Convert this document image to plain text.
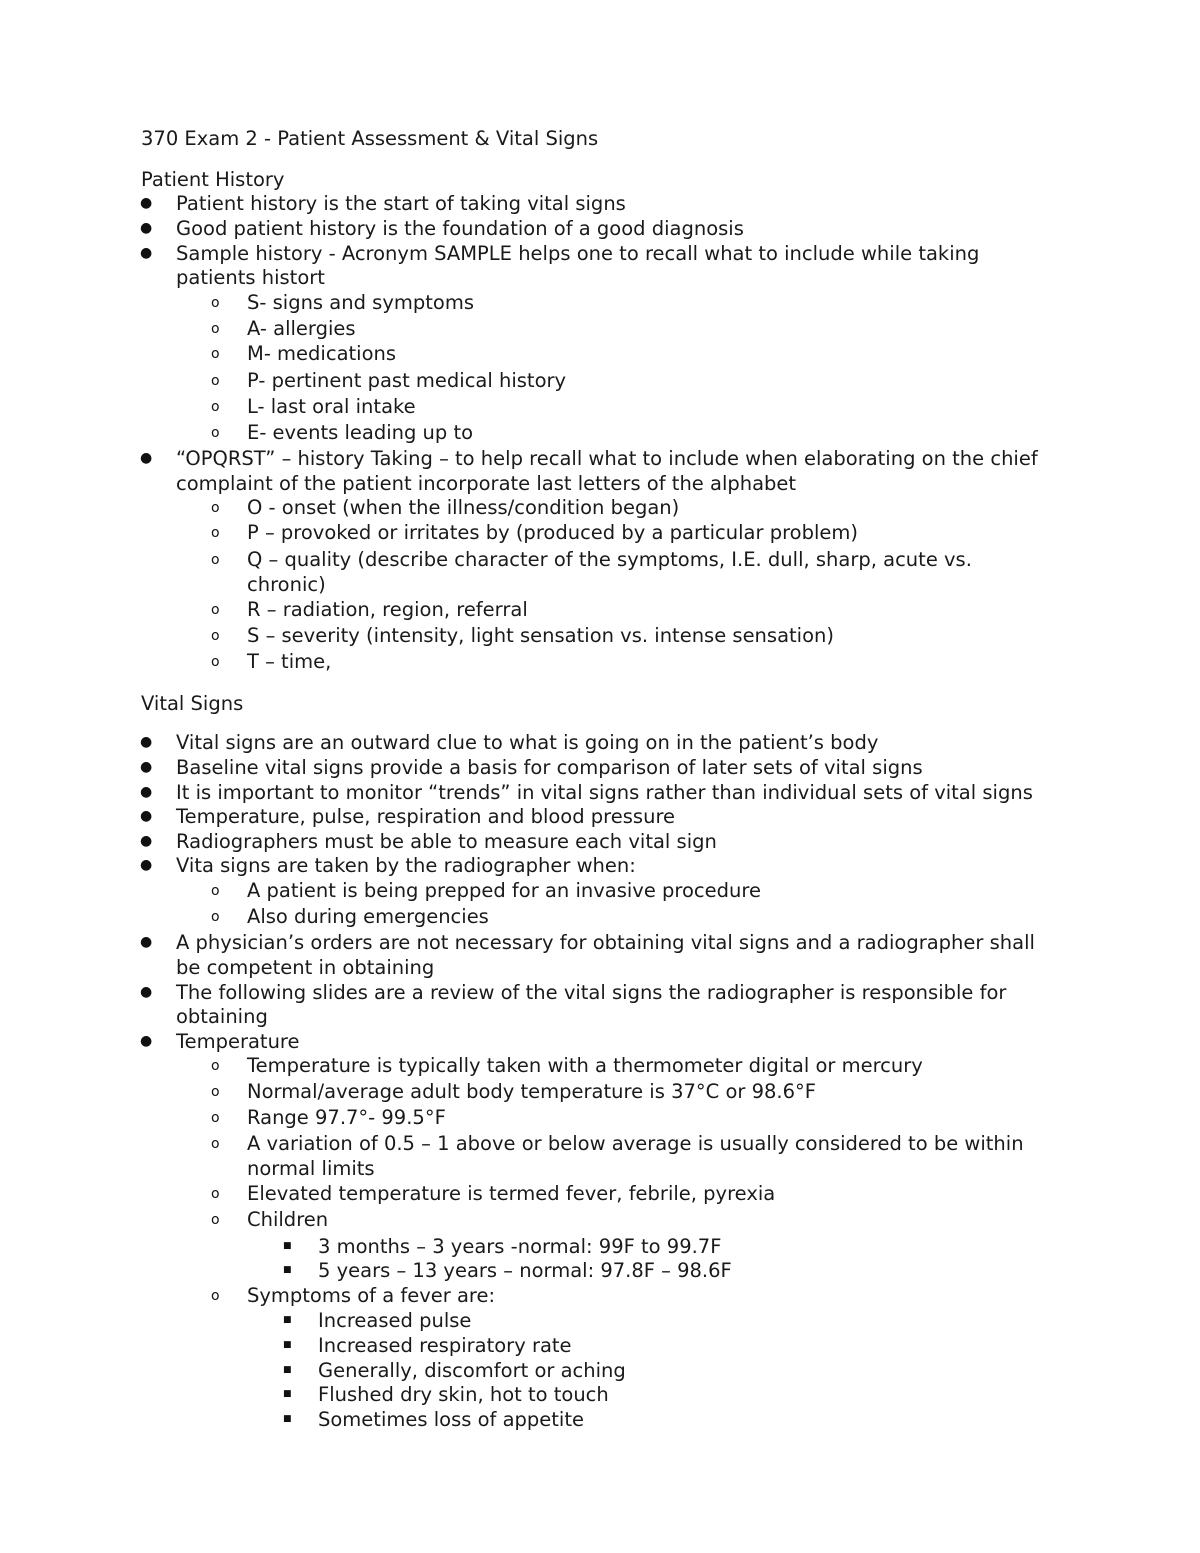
370 Exam 2 - Patient Assessment & Vital Signs
Patient History
●
Patient history is the start of taking vital signs
●
Good patient history is the foundation of a good diagnosis
●
Sample history - Acronym SAMPLE helps one to recall what to include while taking
patients histort
o
S- signs and symptoms
o
A- allergies
o
M- medications
o
P- pertinent past medical history
o
L- last oral intake
o
E- events leading up to
●
“OPQRST” – history Taking – to help recall what to include when elaborating on the chief
complaint of the patient incorporate last letters of the alphabet
o
O - onset (when the illness/condition began)
o
P – provoked or irritates by (produced by a particular problem)
o
Q – quality (describe character of the symptoms, I.E. dull, sharp, acute vs.
chronic)
o
R – radiation, region, referral
o
S – severity (intensity, light sensation vs. intense sensation)
o
T – time,
Vital Signs
●
Vital signs are an outward clue to what is going on in the patient’s body
●
Baseline vital signs provide a basis for comparison of later sets of vital signs
●
It is important to monitor “trends” in vital signs rather than individual sets of vital signs
●
Temperature, pulse, respiration and blood pressure
●
Radiographers must be able to measure each vital sign
●
Vita signs are taken by the radiographer when:
o
A patient is being prepped for an invasive procedure
o
Also during emergencies
●
A physician’s orders are not necessary for obtaining vital signs and a radiographer shall
be competent in obtaining
●
The following slides are a review of the vital signs the radiographer is responsible for
obtaining
●
Temperature
o
Temperature is typically taken with a thermometer digital or mercury
o
Normal/average adult body temperature is 37°C or 98.6°F
o
Range 97.7°- 99.5°F
o
A variation of 0.5 – 1 above or below average is usually considered to be within
normal limits
o
Elevated temperature is termed fever, febrile, pyrexia
o
Children
■
3 months – 3 years -normal: 99F to 99.7F
■
5 years – 13 years – normal: 97.8F – 98.6F
o
Symptoms of a fever are:
■
Increased pulse
■
Increased respiratory rate
■
Generally, discomfort or aching
■
Flushed dry skin, hot to touch
■
Sometimes loss of appetite
